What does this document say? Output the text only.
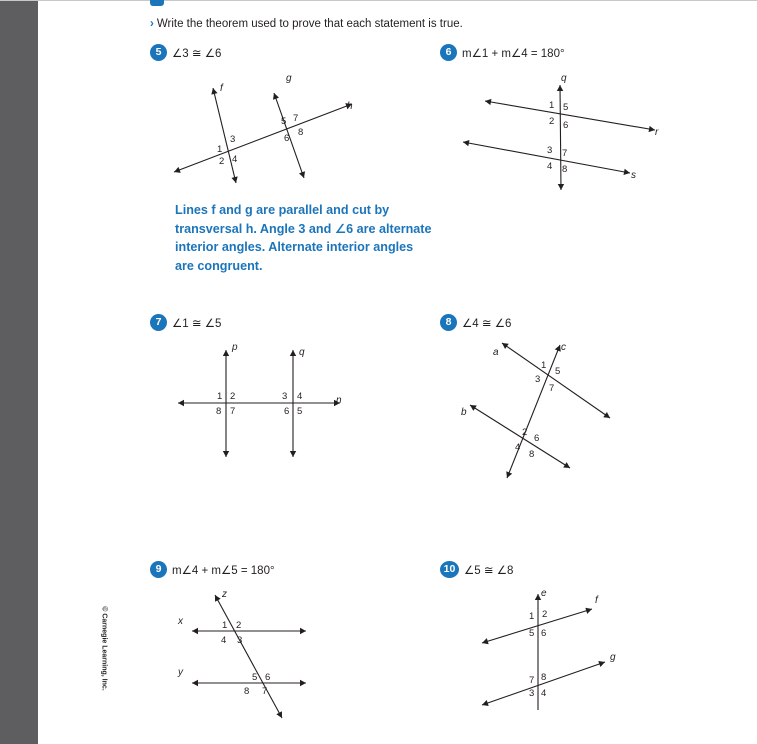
© Carnegie Learning, Inc.
› Write the theorem used to prove that each statement is true.
5 ∠3 ≅ ∠6	6 m∠1 + m∠4 = 180°
7 ∠1 ≅ ∠5	8 ∠4 ≅ ∠6
9 m∠4 + m∠5 = 180°	10 ∠5 ≅ ∠8
Lines f and g are parallel and cut by transversal h. Angle 3 and ∠6 are alternate interior angles. Alternate interior angles are congruent.
f
g
h
1
2
3
4
5
6
7
8
q
r
s
1
2
3
4
5
6
7
8
p	q
n
1 2	3 4
5
6
7
8
a
b
c
1
2
3
4
5
6
7
8
x
y
z
1 2
3
4
5 6
7
8
e
f
g
1 2
3 4
5 6
7 8
